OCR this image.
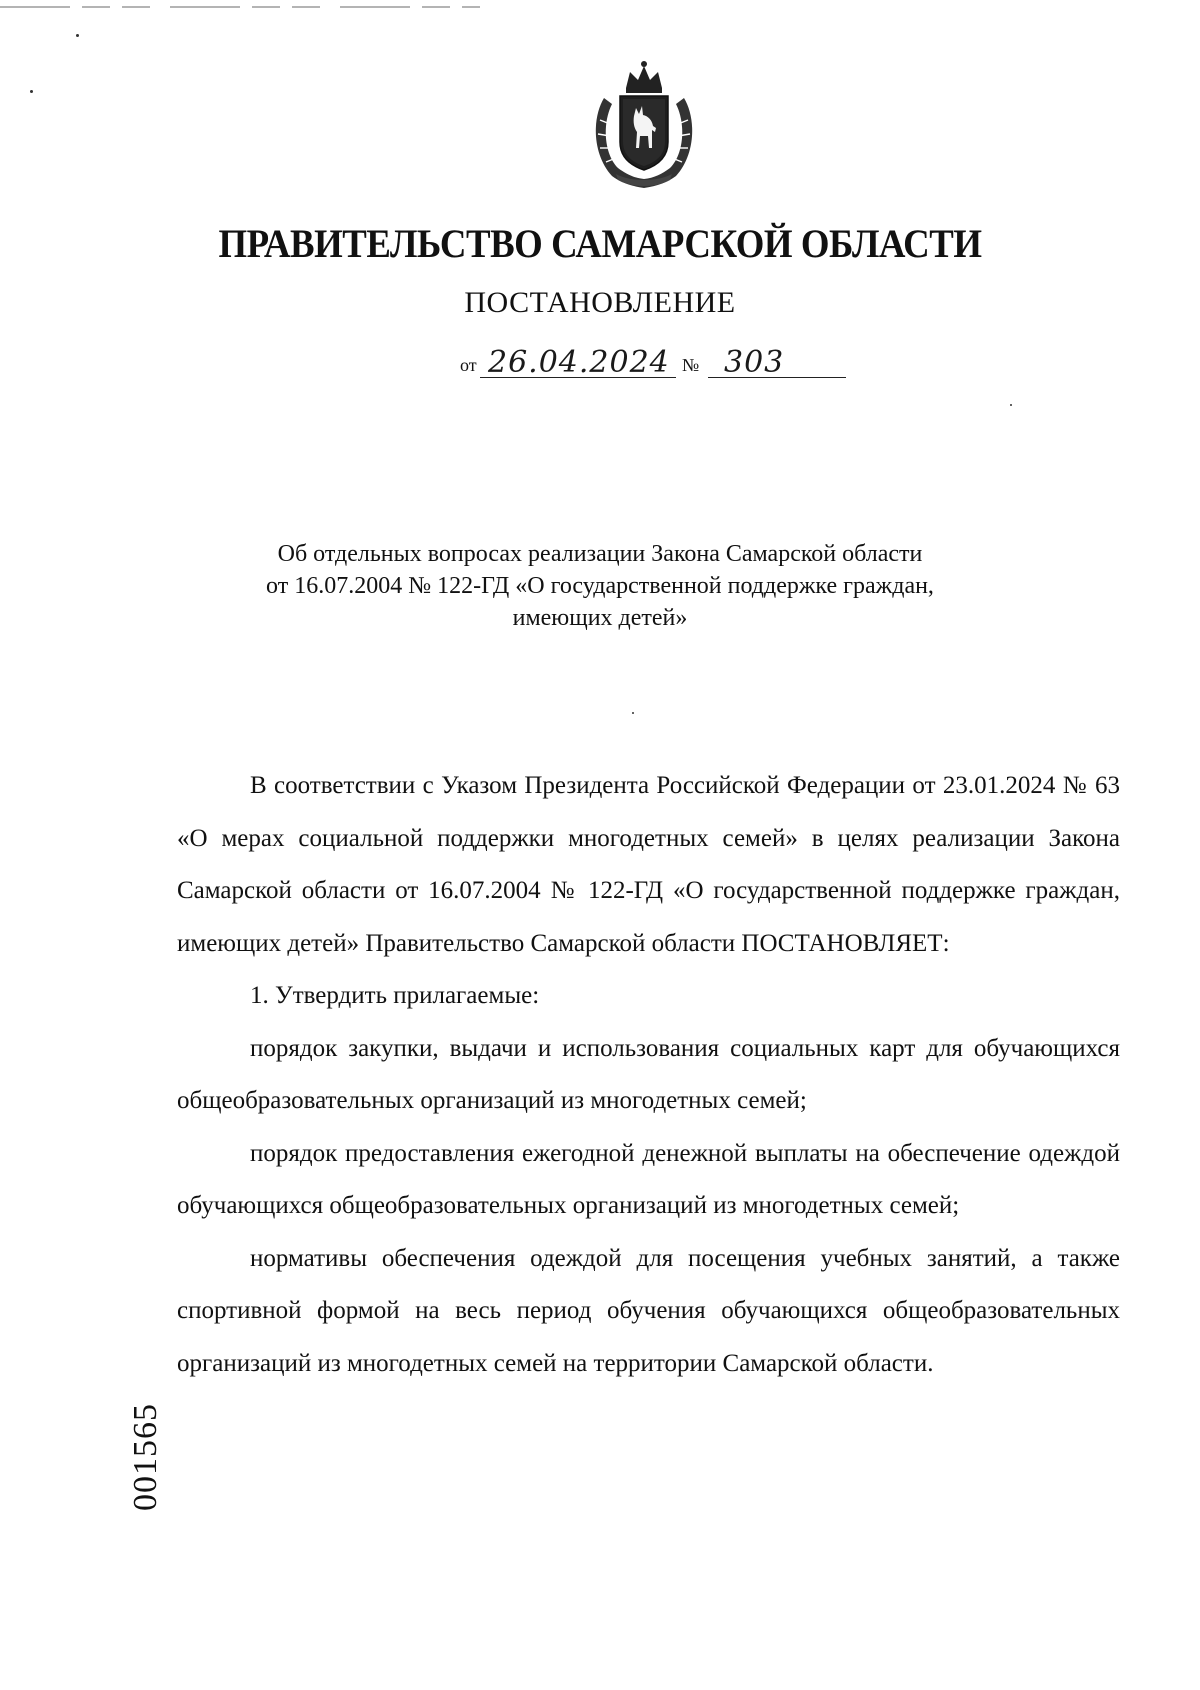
ПРАВИТЕЛЬСТВО САМАРСКОЙ ОБЛАСТИ
ПОСТАНОВЛЕНИЕ
от 26.04.2024 № 303
Об отдельных вопросах реализации Закона Самарской области
от 16.07.2004 № 122-ГД «О государственной поддержке граждан,
имеющих детей»

В соответствии с Указом Президента Российской Федерации от 23.01.2024 № 63 «О мерах социальной поддержки многодетных семей» в целях реализации Закона Самарской области от 16.07.2004 № 122-ГД «О государственной поддержке граждан, имеющих детей» Правительство Самарской области ПОСТАНОВЛЯЕТ:

1. Утвердить прилагаемые:

порядок закупки, выдачи и использования социальных карт для обучающихся общеобразовательных организаций из многодетных семей;

порядок предоставления ежегодной денежной выплаты на обеспечение одеждой обучающихся общеобразовательных организаций из многодетных семей;

нормативы обеспечения одеждой для посещения учебных занятий, а также спортивной формой на весь период обучения обучающихся общеобразовательных организаций из многодетных семей на территории Самарской области.

001565
